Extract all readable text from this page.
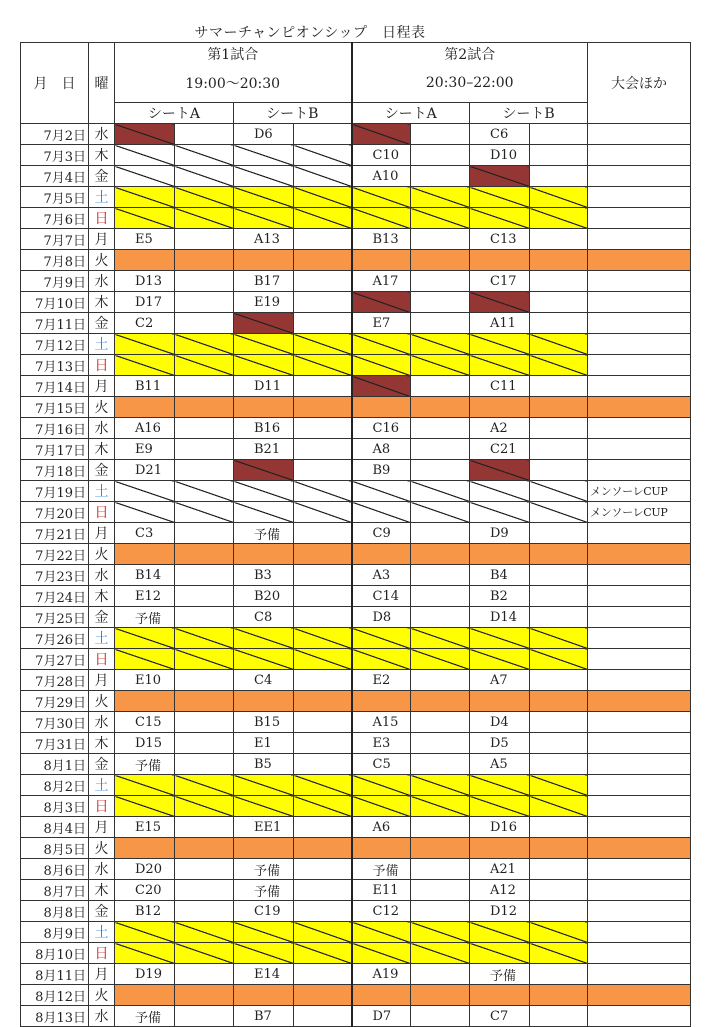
サマーチャンピオンシップ　日程表
月　日	曜	第1試合				第2試合				大会ほか
		19:00～20:30				20:30–22:00				
		シートA		シートB		シートA		シートB		
7月2日	水			D6				C6		
7月3日	木					C10		D10		
7月4日	金					A10				
7月5日	土									
7月6日	日									
7月7日	月	E5		A13		B13		C13		
7月8日	火									
7月9日	水	D13		B17		A17		C17		
7月10日	木	D17		E19						
7月11日	金	C2				E7		A11		
7月12日	土									
7月13日	日									
7月14日	月	B11		D11				C11		
7月15日	火									
7月16日	水	A16		B16		C16		A2		
7月17日	木	E9		B21		A8		C21		
7月18日	金	D21				B9				
7月19日	土									メンソーレCUP
7月20日	日									メンソーレCUP
7月21日	月	C3		予備		C9		D9		
7月22日	火									
7月23日	水	B14		B3		A3		B4		
7月24日	木	E12		B20		C14		B2		
7月25日	金	予備		C8		D8		D14		
7月26日	土									
7月27日	日									
7月28日	月	E10		C4		E2		A7		
7月29日	火									
7月30日	水	C15		B15		A15		D4		
7月31日	木	D15		E1		E3		D5		
8月1日	金	予備		B5		C5		A5		
8月2日	土									
8月3日	日									
8月4日	月	E15		EE1		A6		D16		
8月5日	火									
8月6日	水	D20		予備		予備		A21		
8月7日	木	C20		予備		E11		A12		
8月8日	金	B12		C19		C12		D12		
8月9日	土									
8月10日	日									
8月11日	月	D19		E14		A19		予備		
8月12日	火									
8月13日	水	予備		B7		D7		C7		
